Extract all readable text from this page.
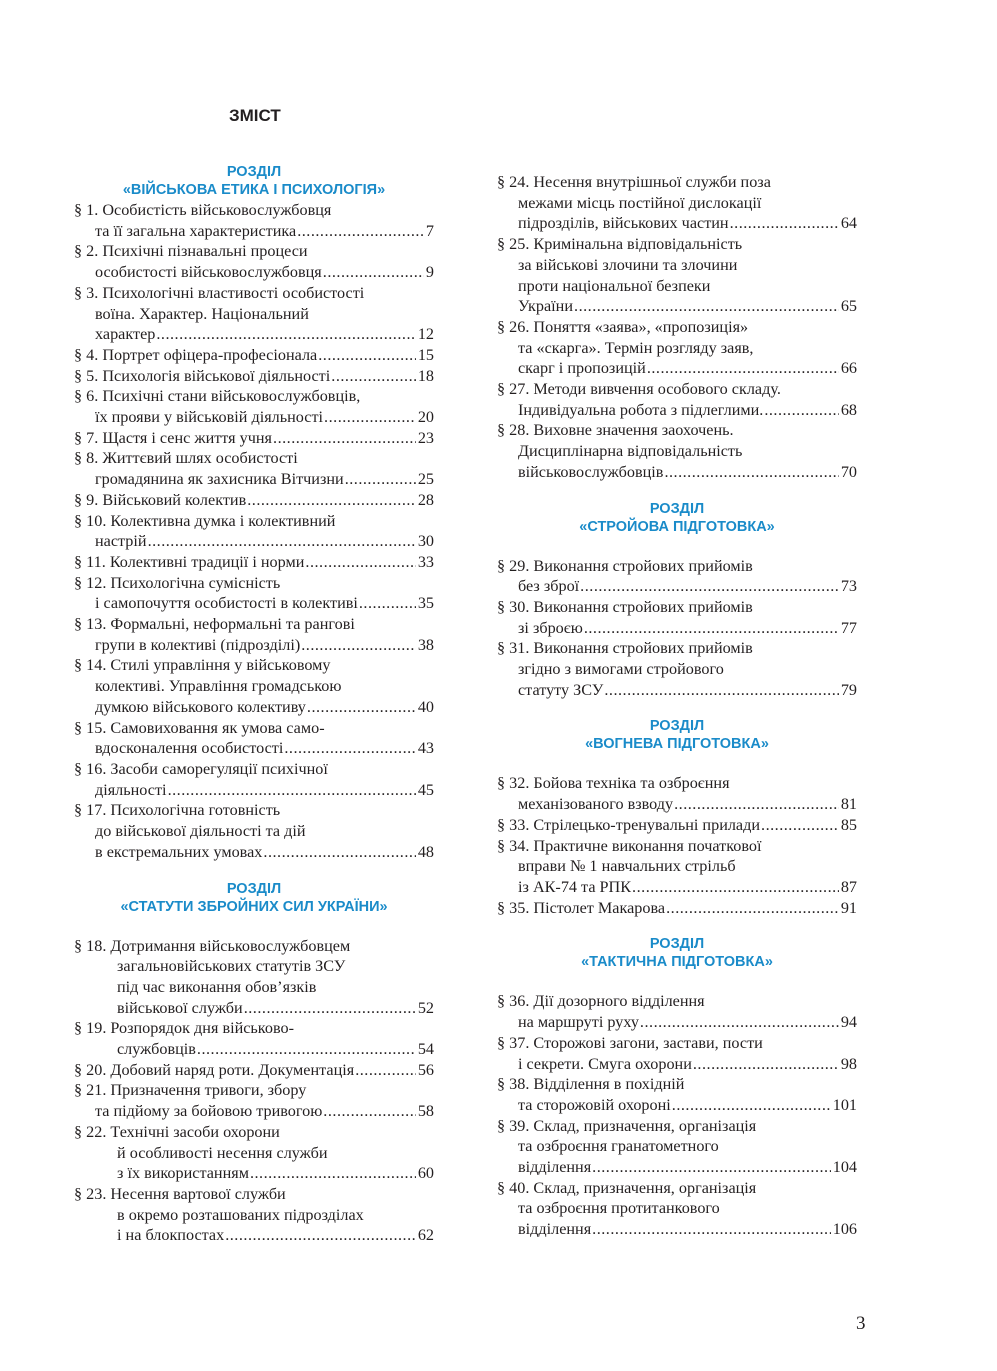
ЗМІСТ
РОЗДІЛ
«ВІЙСЬКОВА ЕТИКА І ПСИХОЛОГІЯ»
§ 1. Особистість військовослужбовця
та її загальна характеристика .....	7
§ 2. Психічні пізнавальні процеси
особистості військовослужбовця .....	9
§ 3. Психологічні властивості особистості
воїна. Характер. Національний
характер .....	12
§ 4. Портрет офіцера-професіонала .....	15
§ 5. Психологія військової діяльності .....	18
§ 6. Психічні стани військовослужбовців,
їх прояви у військовій діяльності .....	20
§ 7. Щастя і сенс життя учня .....	23
§ 8. Життєвий шлях особистості
громадянина як захисника Вітчизни .....	25
§ 9. Військовий колектив .....	28
§ 10. Колективна думка і колективний
настрій .....	30
§ 11. Колективні традиції і норми .....	33
§ 12. Психологічна сумісність
і самопочуття особистості в колективі .....	35
§ 13. Формальні, неформальні та рангові
групи в колективі (підрозділі) .....	38
§ 14. Стилі управління у військовому
колективі. Управління громадською
думкою військового колективу .....	40
§ 15. Самовиховання як умова само-
вдосконалення особистості .....	43
§ 16. Засоби саморегуляції психічної
діяльності .....	45
§ 17. Психологічна готовність
до військової діяльності та дій
в екстремальних умовах .....	48
РОЗДІЛ
«СТАТУТИ ЗБРОЙНИХ СИЛ УКРАЇНИ»
§ 18. Дотримання військовослужбовцем
загальновійськових статутів ЗСУ
під час виконання обов’язків
військової служби .....	52
§ 19. Розпорядок дня військово-
службовців .....	54
§ 20. Добовий наряд роти. Документація .....	56
§ 21. Призначення тривоги, збору
та підйому за бойовою тривогою .....	58
§ 22. Технічні засоби охорони
й особливості несення служби
з їх використанням .....	60
§ 23. Несення вартової служби
в окремо розташованих підрозділах
і на блокпостах .....	62
§ 24. Несення внутрішньої служби поза
межами місць постійної дислокації
підрозділів, військових частин .....	64
§ 25. Кримінальна відповідальність
за військові злочини та злочини
проти національної безпеки
України .....	65
§ 26. Поняття «заява», «пропозиція»
та «скарга». Термін розгляду заяв,
скарг і пропозицій .....	66
§ 27. Методи вивчення особового складу.
Індивідуальна робота з підлеглими. .....	68
§ 28. Виховне значення заохочень.
Дисциплінарна відповідальність
військовослужбовців .....	70
РОЗДІЛ
«СТРОЙОВА ПІДГОТОВКА»
§ 29. Виконання стройових прийомів
без зброї .....	73
§ 30. Виконання стройових прийомів
зі зброєю .....	77
§ 31. Виконання стройових прийомів
згідно з вимогами стройового
статуту ЗСУ .....	79
РОЗДІЛ
«ВОГНЕВА ПІДГОТОВКА»
§ 32. Бойова техніка та озброєння
механізованого взводу .....	81
§ 33. Стрілецько-тренувальні прилади .....	85
§ 34. Практичне виконання початкової
вправи № 1 навчальних стрільб
із АК-74 та РПК .....	87
§ 35. Пістолет Макарова .....	91
РОЗДІЛ
«ТАКТИЧНА ПІДГОТОВКА»
§ 36. Дії дозорного відділення
на маршруті руху .....	94
§ 37. Сторожові загони, застави, пости
і секрети. Смуга охорони .....	98
§ 38. Відділення в похідній
та сторожовій охороні .....	101
§ 39. Склад, призначення, організація
та озброєння гранатометного
відділення .....	104
§ 40. Склад, призначення, організація
та озброєння протитанкового
відділення .....	106
3
